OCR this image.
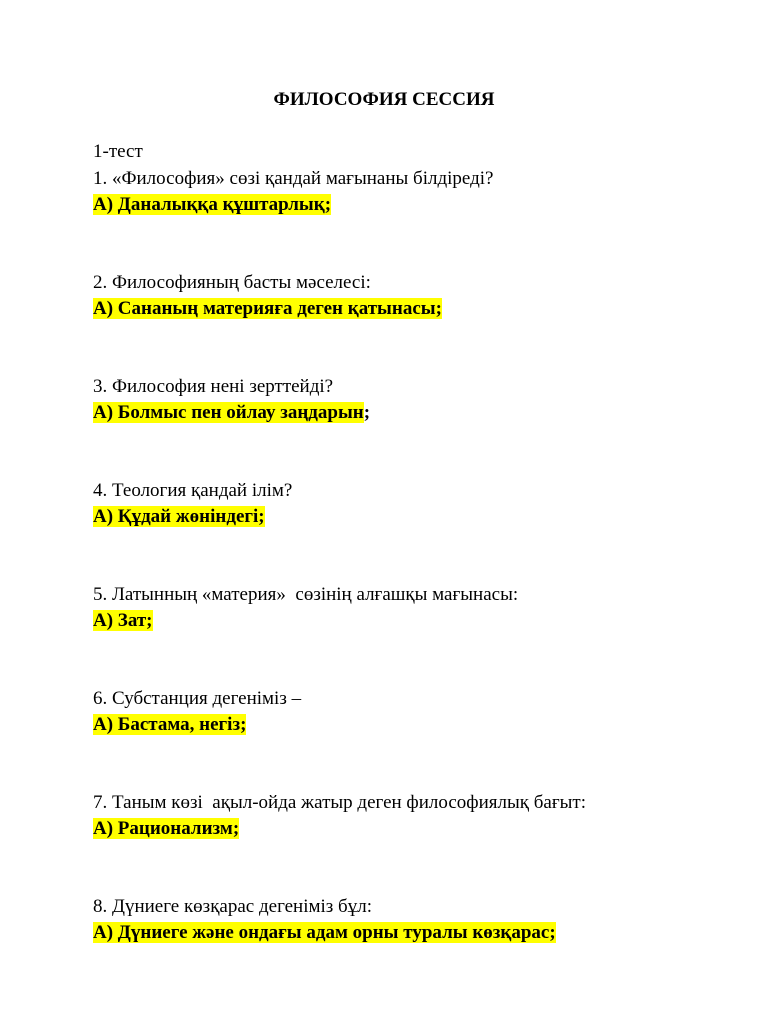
ФИЛОСОФИЯ СЕССИЯ
1-тест
1. «Философия» сөзі қандай мағынаны білдіреді?
А) Даналыққа құштарлық;
2. Философияның басты мәселесі:
А) Сананың материяға деген қатынасы;
3. Философия нені зерттейді?
А) Болмыс пен ойлау заңдарын;
4. Теология қандай ілім?
А) Құдай жөніндегі;
5. Латынның «материя»  сөзінің алғашқы мағынасы:
А) Зат;
6. Субстанция дегеніміз –
А) Бастама, негіз;
7. Таным көзі  ақыл-ойда жатыр деген философиялық бағыт:
А) Рационализм;
8. Дүниеге көзқарас дегеніміз бұл:
А) Дүниеге және ондағы адам орны туралы көзқарас;
